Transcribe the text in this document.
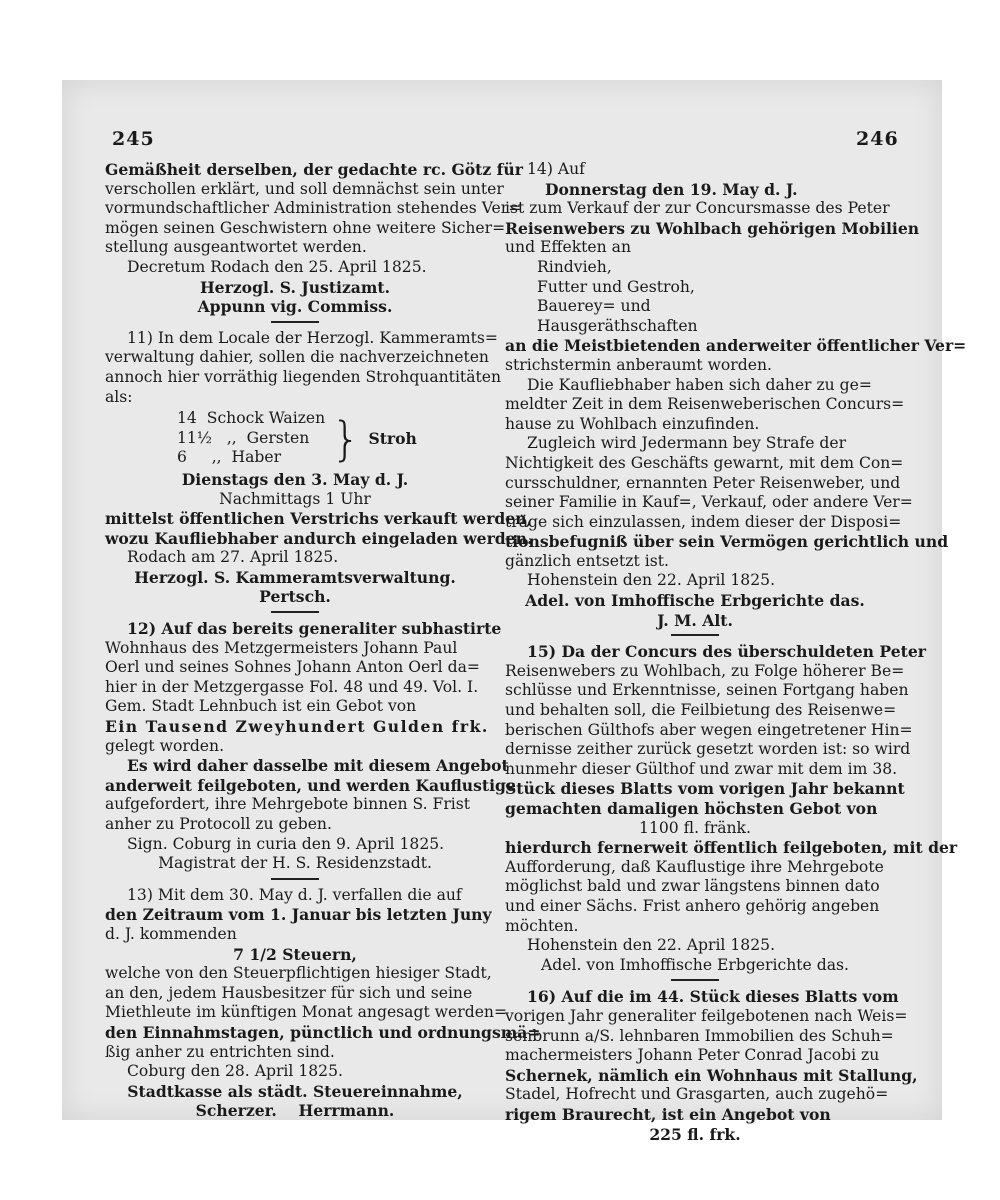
245	246
Gemäßheit derselben, der gedachte rc. Götz für
verschollen erklärt, und soll demnächst sein unter
vormundschaftlicher Administration stehendes Ver=
mögen seinen Geschwistern ohne weitere Sicher=
stellung ausgeantwortet werden.
Decretum Rodach den 25. April 1825.
Herzogl. S. Justizamt.
Appunn vig. Commiss.
11) In dem Locale der Herzogl. Kammeramts=
verwaltung dahier, sollen die nachverzeichneten
annoch hier vorräthig liegenden Strohquantitäten
als:
14  Schock Waizen
11½   ,,  Gersten
6     ,,  Haber	} Stroh
Dienstags den 3. May d. J.
Nachmittags 1 Uhr
mittelst öffentlichen Verstrichs verkauft werden,
wozu Kaufliebhaber andurch eingeladen werden.
Rodach am 27. April 1825.
Herzogl. S. Kammeramtsverwaltung.
Pertsch.
12) Auf das bereits generaliter subhastirte
Wohnhaus des Metzgermeisters Johann Paul
Oerl und seines Sohnes Johann Anton Oerl da=
hier in der Metzgergasse Fol. 48 und 49. Vol. I.
Gem. Stadt Lehnbuch ist ein Gebot von
Ein Tausend Zweyhundert Gulden frk.
gelegt worden.
Es wird daher dasselbe mit diesem Angebot
anderweit feilgeboten, und werden Kauflustige
aufgefordert, ihre Mehrgebote binnen S. Frist
anher zu Protocoll zu geben.
Sign. Coburg in curia den 9. April 1825.
Magistrat der H. S. Residenzstadt.
13) Mit dem 30. May d. J. verfallen die auf
den Zeitraum vom 1. Januar bis letzten Juny
d. J. kommenden
7 1/2 Steuern,
welche von den Steuerpflichtigen hiesiger Stadt,
an den, jedem Hausbesitzer für sich und seine
Miethleute im künftigen Monat angesagt werden=
den Einnahmstagen, pünctlich und ordnungsmä=
ßig anher zu entrichten sind.
Coburg den 28. April 1825.
Stadtkasse als städt. Steuereinnahme,
Scherzer.    Herrmann.
14) Auf
Donnerstag den 19. May d. J.
ist zum Verkauf der zur Concursmasse des Peter
Reisenwebers zu Wohlbach gehörigen Mobilien
und Effekten an
Rindvieh,
Futter und Gestroh,
Bauerey= und
Hausgeräthschaften
an die Meistbietenden anderweiter öffentlicher Ver=
strichstermin anberaumt worden.
Die Kaufliebhaber haben sich daher zu ge=
meldter Zeit in dem Reisenweberischen Concurs=
hause zu Wohlbach einzufinden.
Zugleich wird Jedermann bey Strafe der
Nichtigkeit des Geschäfts gewarnt, mit dem Con=
cursschuldner, ernannten Peter Reisenweber, und
seiner Familie in Kauf=, Verkauf, oder andere Ver=
träge sich einzulassen, indem dieser der Disposi=
tionsbefugniß über sein Vermögen gerichtlich und
gänzlich entsetzt ist.
Hohenstein den 22. April 1825.
Adel. von Imhoffische Erbgerichte das.
J. M. Alt.
15) Da der Concurs des überschuldeten Peter
Reisenwebers zu Wohlbach, zu Folge höherer Be=
schlüsse und Erkenntnisse, seinen Fortgang haben
und behalten soll, die Feilbietung des Reisenwe=
berischen Gülthofs aber wegen eingetretener Hin=
dernisse zeither zurück gesetzt worden ist: so wird
nunmehr dieser Gülthof und zwar mit dem im 38.
Stück dieses Blatts vom vorigen Jahr bekannt
gemachten damaligen höchsten Gebot von
1100 fl. fränk.
hierdurch fernerweit öffentlich feilgeboten, mit der
Aufforderung, daß Kauflustige ihre Mehrgebote
möglichst bald und zwar längstens binnen dato
und einer Sächs. Frist anhero gehörig angeben
möchten.
Hohenstein den 22. April 1825.
Adel. von Imhoffische Erbgerichte das.
16) Auf die im 44. Stück dieses Blatts vom
vorigen Jahr generaliter feilgebotenen nach Weis=
senbrunn a/S. lehnbaren Immobilien des Schuh=
machermeisters Johann Peter Conrad Jacobi zu
Schernek, nämlich ein Wohnhaus mit Stallung,
Stadel, Hofrecht und Grasgarten, auch zugehö=
rigem Braurecht, ist ein Angebot von
225 fl. frk.
